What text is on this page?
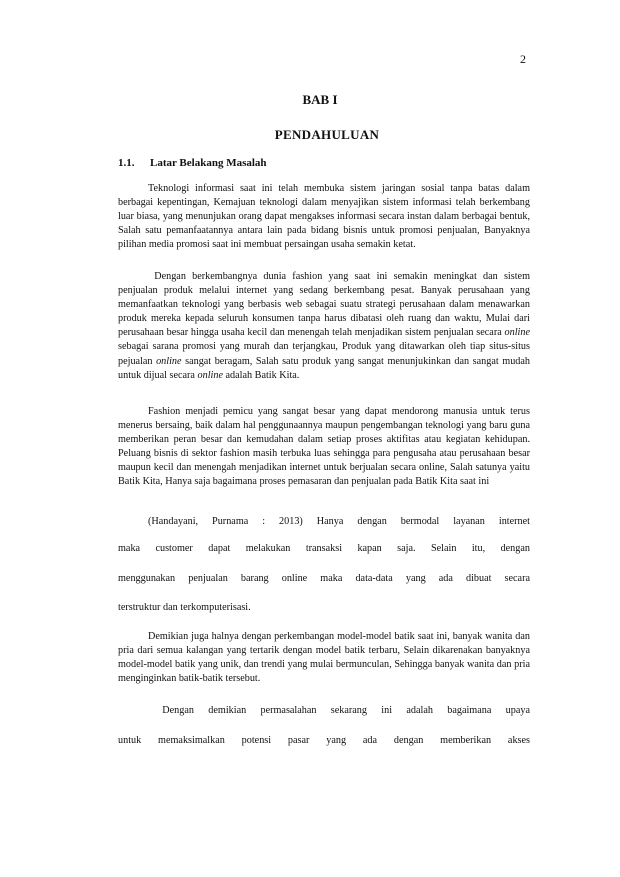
2
BAB I
PENDAHULUAN
1.1. Latar Belakang Masalah
Teknologi informasi saat ini telah membuka sistem jaringan sosial tanpa batas dalam berbagai kepentingan, Kemajuan teknologi dalam menyajikan sistem informasi telah berkembang luar biasa, yang menunjukan orang dapat mengakses informasi secara instan dalam berbagai bentuk, Salah satu pemanfaatannya antara lain pada bidang bisnis untuk promosi penjualan, Banyaknya pilihan media promosi saat ini membuat persaingan usaha semakin ketat.
Dengan berkembangnya dunia fashion yang saat ini semakin meningkat dan sistem penjualan produk melalui internet yang sedang berkembang pesat. Banyak perusahaan yang memanfaatkan teknologi yang berbasis web sebagai suatu strategi perusahaan dalam menawarkan produk mereka kepada seluruh konsumen tanpa harus dibatasi oleh ruang dan waktu, Mulai dari perusahaan besar hingga usaha kecil dan menengah telah menjadikan sistem penjualan secara online sebagai sarana promosi yang murah dan terjangkau, Produk yang ditawarkan oleh tiap situs-situs pejualan online sangat beragam, Salah satu produk yang sangat menunjukinkan dan sangat mudah untuk dijual secara online adalah Batik Kita.
Fashion menjadi pemicu yang sangat besar yang dapat mendorong manusia untuk terus menerus bersaing, baik dalam hal penggunaannya maupun pengembangan teknologi yang baru guna memberikan peran besar dan kemudahan dalam setiap proses aktifitas atau kegiatan kehidupan. Peluang bisnis di sektor fashion masih terbuka luas sehingga para pengusaha atau perusahaan besar maupun kecil dan menengah menjadikan internet untuk berjualan secara online, Salah satunya yaitu Batik Kita, Hanya saja bagaimana proses pemasaran dan penjualan pada Batik Kita saat ini
(Handayani, Purnama : 2013) Hanya dengan bermodal layanan internet
maka customer dapat melakukan transaksi kapan saja. Selain itu, dengan
menggunakan penjualan barang online maka data-data yang ada dibuat secara
terstruktur dan terkomputerisasi.
Demikian juga halnya dengan perkembangan model-model batik saat ini, banyak wanita dan pria dari semua kalangan yang tertarik dengan model batik terbaru, Selain dikarenakan banyaknya model-model batik yang unik, dan trendi yang mulai bermunculan, Sehingga banyak wanita dan pria menginginkan batik-batik tersebut.
Dengan demikian permasalahan sekarang ini adalah bagaimana upaya
untuk memaksimalkan potensi pasar yang ada dengan memberikan akses
